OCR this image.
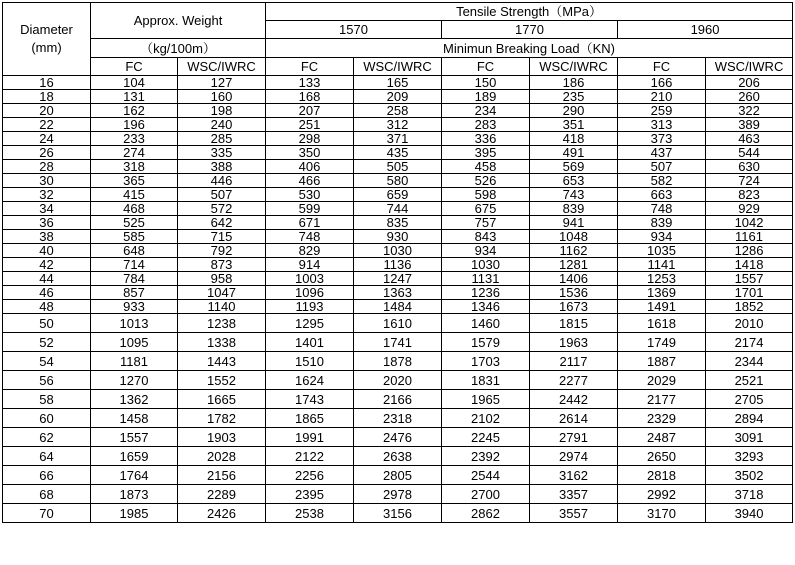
Diameter
(mm)	Approx. Weight		Tensile Strength（MPa）					
			1570		1770		1960	
	（kg/100m）		Minimun Breaking Load（KN)					
	FC	WSC/IWRC	FC	WSC/IWRC	FC	WSC/IWRC	FC	WSC/IWRC
16	104	127	133	165	150	186	166	206
18	131	160	168	209	189	235	210	260
20	162	198	207	258	234	290	259	322
22	196	240	251	312	283	351	313	389
24	233	285	298	371	336	418	373	463
26	274	335	350	435	395	491	437	544
28	318	388	406	505	458	569	507	630
30	365	446	466	580	526	653	582	724
32	415	507	530	659	598	743	663	823
34	468	572	599	744	675	839	748	929
36	525	642	671	835	757	941	839	1042
38	585	715	748	930	843	1048	934	1161
40	648	792	829	1030	934	1162	1035	1286
42	714	873	914	1136	1030	1281	1141	1418
44	784	958	1003	1247	1131	1406	1253	1557
46	857	1047	1096	1363	1236	1536	1369	1701
48	933	1140	1193	1484	1346	1673	1491	1852
50	1013	1238	1295	1610	1460	1815	1618	2010
52	1095	1338	1401	1741	1579	1963	1749	2174
54	1181	1443	1510	1878	1703	2117	1887	2344
56	1270	1552	1624	2020	1831	2277	2029	2521
58	1362	1665	1743	2166	1965	2442	2177	2705
60	1458	1782	1865	2318	2102	2614	2329	2894
62	1557	1903	1991	2476	2245	2791	2487	3091
64	1659	2028	2122	2638	2392	2974	2650	3293
66	1764	2156	2256	2805	2544	3162	2818	3502
68	1873	2289	2395	2978	2700	3357	2992	3718
70	1985	2426	2538	3156	2862	3557	3170	3940
